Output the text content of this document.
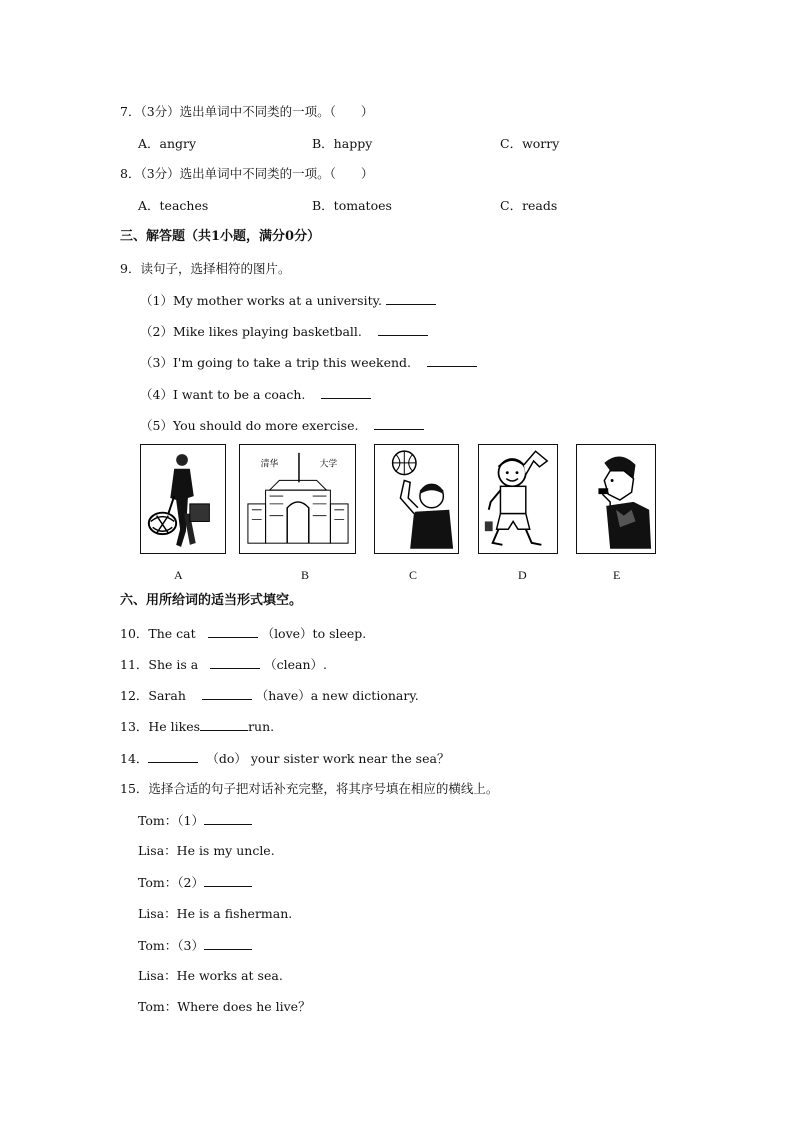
7．（3分）选出单词中不同类的一项。（　　）
A．angry	B．happy	C．worry
8．（3分）选出单词中不同类的一项。（　　）
A．teaches	B．tomatoes	C．reads
三、解答题（共1小题，满分0分）
9．读句子，选择相符的图片。
（1）My mother works at a university.
（2）Mike likes playing basketball.
（3）I'm going to take a trip this weekend.
（4）I want to be a coach.
（5）You should do more exercise.
清华	大学
A	B	C	D	E
六、用所给词的适当形式填空。
10．The cat	（love）to sleep.
11．She is a	（clean）.
12．Sarah	（have）a new dictionary.
13．He likes	run.
14．	（do） your sister work near the sea？
15．选择合适的句子把对话补充完整，将其序号填在相应的横线上。
Tom：（1）
Lisa：He is my uncle.
Tom：（2）
Lisa：He is a fisherman.
Tom：（3）
Lisa：He works at sea.
Tom：Where does he live？
